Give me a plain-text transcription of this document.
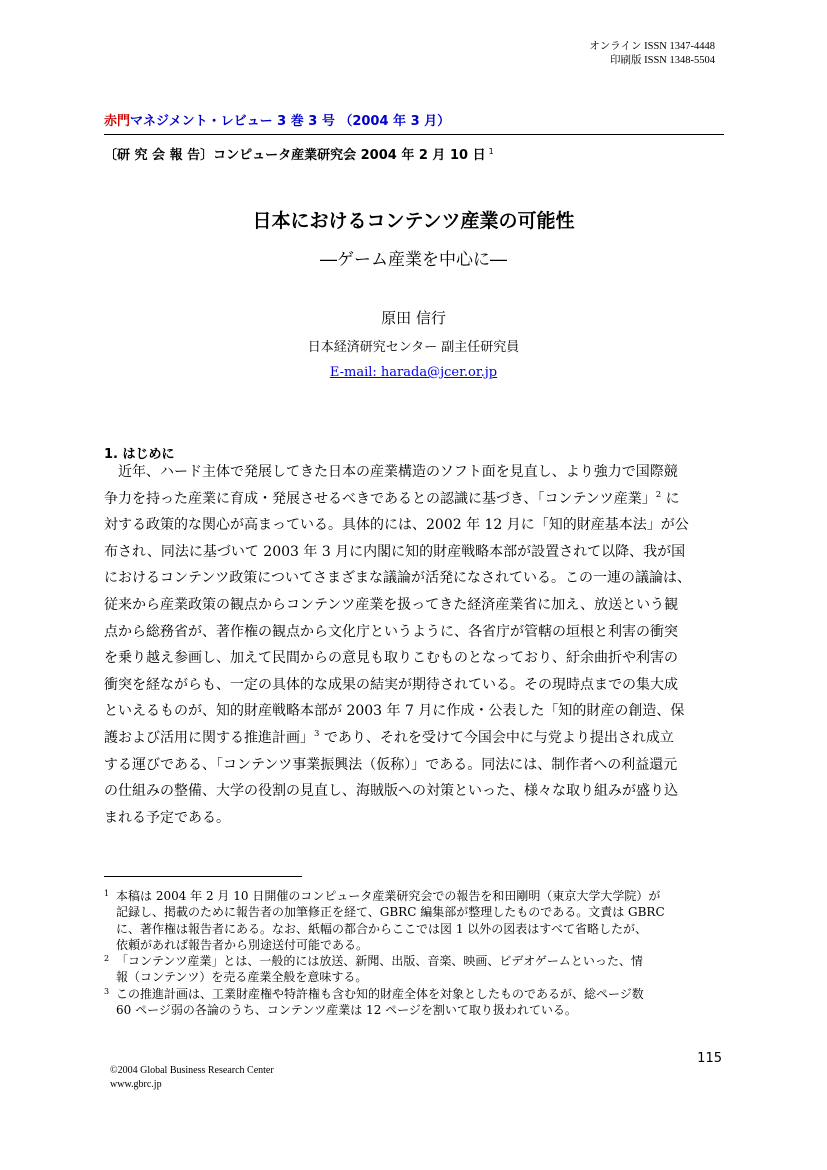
オンライン ISSN 1347-4448
印刷版 ISSN 1348-5504
赤門マネジメント・レビュー 3 巻 3 号 （2004 年 3 月）
〔研 究 会 報 告〕コンピュータ産業研究会 2004 年 2 月 10 日 $^1$
日本におけるコンテンツ産業の可能性
―ゲーム産業を中心に―
原田 信行
日本経済研究センター 副主任研究員
E-mail: harada@jcer.or.jp
1. はじめに
　近年、ハード主体で発展してきた日本の産業構造のソフト面を見直し、より強力で国際競
争力を持った産業に育成・発展させるべきであるとの認識に基づき、「コンテンツ産業」$^2$ に
対する政策的な関心が高まっている。具体的には、2002 年 12 月に「知的財産基本法」が公
布され、同法に基づいて 2003 年 3 月に内閣に知的財産戦略本部が設置されて以降、我が国
におけるコンテンツ政策についてさまざまな議論が活発になされている。この一連の議論は、
従来から産業政策の観点からコンテンツ産業を扱ってきた経済産業省に加え、放送という観
点から総務省が、著作権の観点から文化庁というように、各省庁が管轄の垣根と利害の衝突
を乗り越え参画し、加えて民間からの意見も取りこむものとなっており、紆余曲折や利害の
衝突を経ながらも、一定の具体的な成果の結実が期待されている。その現時点までの集大成
といえるものが、知的財産戦略本部が 2003 年 7 月に作成・公表した「知的財産の創造、保
護および活用に関する推進計画」$^3$ であり、それを受けて今国会中に与党より提出され成立
する運びである、「コンテンツ事業振興法（仮称）」である。同法には、制作者への利益還元
の仕組みの整備、大学の役割の見直し、海賊版への対策といった、様々な取り組みが盛り込
まれる予定である。
1 本稿は 2004 年 2 月 10 日開催のコンピュータ産業研究会での報告を和田剛明（東京大学大学院）が
記録し、掲載のために報告者の加筆修正を経て、GBRC 編集部が整理したものである。文責は GBRC
に、著作権は報告者にある。なお、紙幅の都合からここでは図 1 以外の図表はすべて省略したが、
依頼があれば報告者から別途送付可能である。
2 「コンテンツ産業」とは、一般的には放送、新聞、出版、音楽、映画、ビデオゲームといった、情
報（コンテンツ）を売る産業全般を意味する。
3 この推進計画は、工業財産権や特許権も含む知的財産全体を対象としたものであるが、総ページ数
60 ページ弱の各論のうち、コンテンツ産業は 12 ページを割いて取り扱われている。
115
©2004 Global Business Research Center
www.gbrc.jp
